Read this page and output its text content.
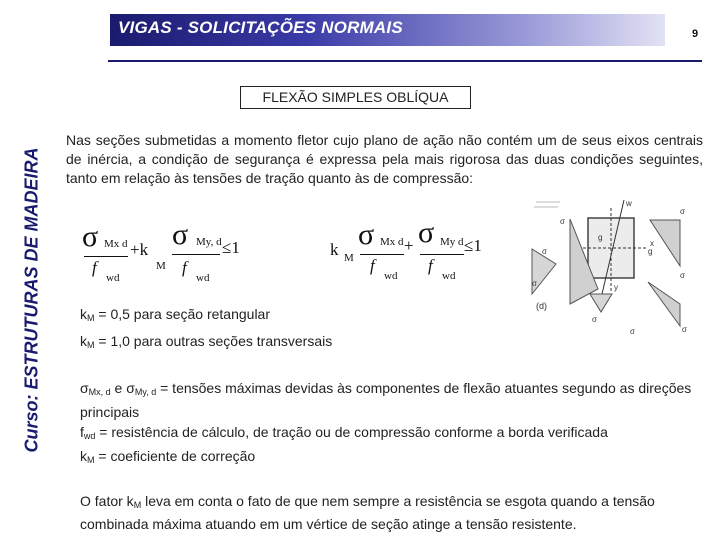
VIGAS - SOLICITAÇÕES NORMAIS	9
Curso: ESTRUTURAS DE MADEIRA
FLEXÃO SIMPLES OBLÍQUA
Nas seções submetidas a momento fletor cujo plano de ação não contém um de seus eixos centrais de inércia, a condição de segurança é expressa pela mais rigorosa das duas condições seguintes, tanto em relação às tensões de tração quanto às de compressão:
σ Mx d +k σ My, d ≤1
f
wd
M f
wd
k M
σ Mx d + σ My d ≤1
f
wd
f
wd
w
g
g
x
y
(d)
σ
σ
σ
σ
σ
σ
σ
σ
$k_M = 0,5$ para seção retangular
$k_M = 1,0$ para outras seções transversais
$\sigma_{Mx, d}$ e $\sigma_{My, d}$ = tensões máximas devidas às componentes de flexão atuantes segundo as direções principais
$f_{wd}$ = resistência de cálculo, de tração ou de compressão conforme a borda verificada
$k_M$ = coeficiente de correção
O fator $k_M$ leva em conta o fato de que nem sempre a resistência se esgota quando a tensão combinada máxima atuando em um vértice de seção atinge a tensão resistente.
